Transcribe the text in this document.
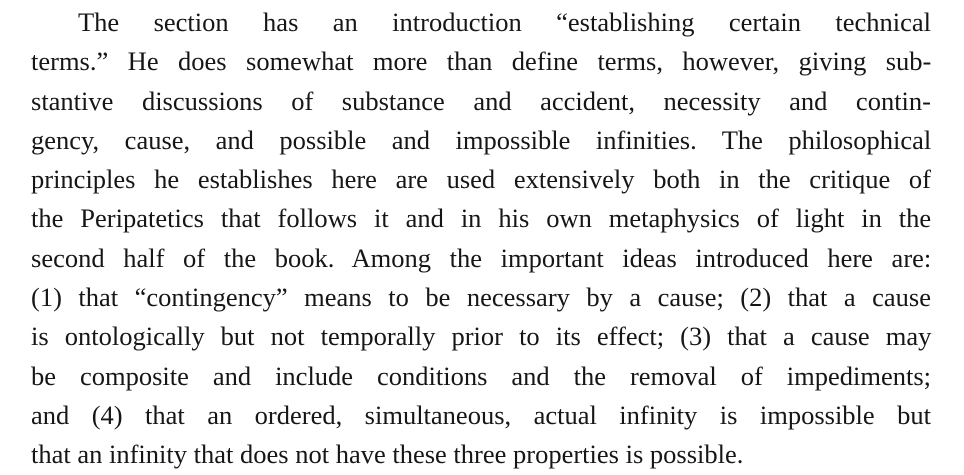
The section has an introduction “establishing certain technical
terms.” He does somewhat more than define terms, however, giving sub-
stantive discussions of substance and accident, necessity and contin-
gency, cause, and possible and impossible infinities. The philosophical
principles he establishes here are used extensively both in the critique of
the Peripatetics that follows it and in his own metaphysics of light in the
second half of the book. Among the important ideas introduced here are:
(1) that “contingency” means to be necessary by a cause; (2) that a cause
is ontologically but not temporally prior to its effect; (3) that a cause may
be composite and include conditions and the removal of impediments;
and (4) that an ordered, simultaneous, actual infinity is impossible but
that an infinity that does not have these three properties is possible.
